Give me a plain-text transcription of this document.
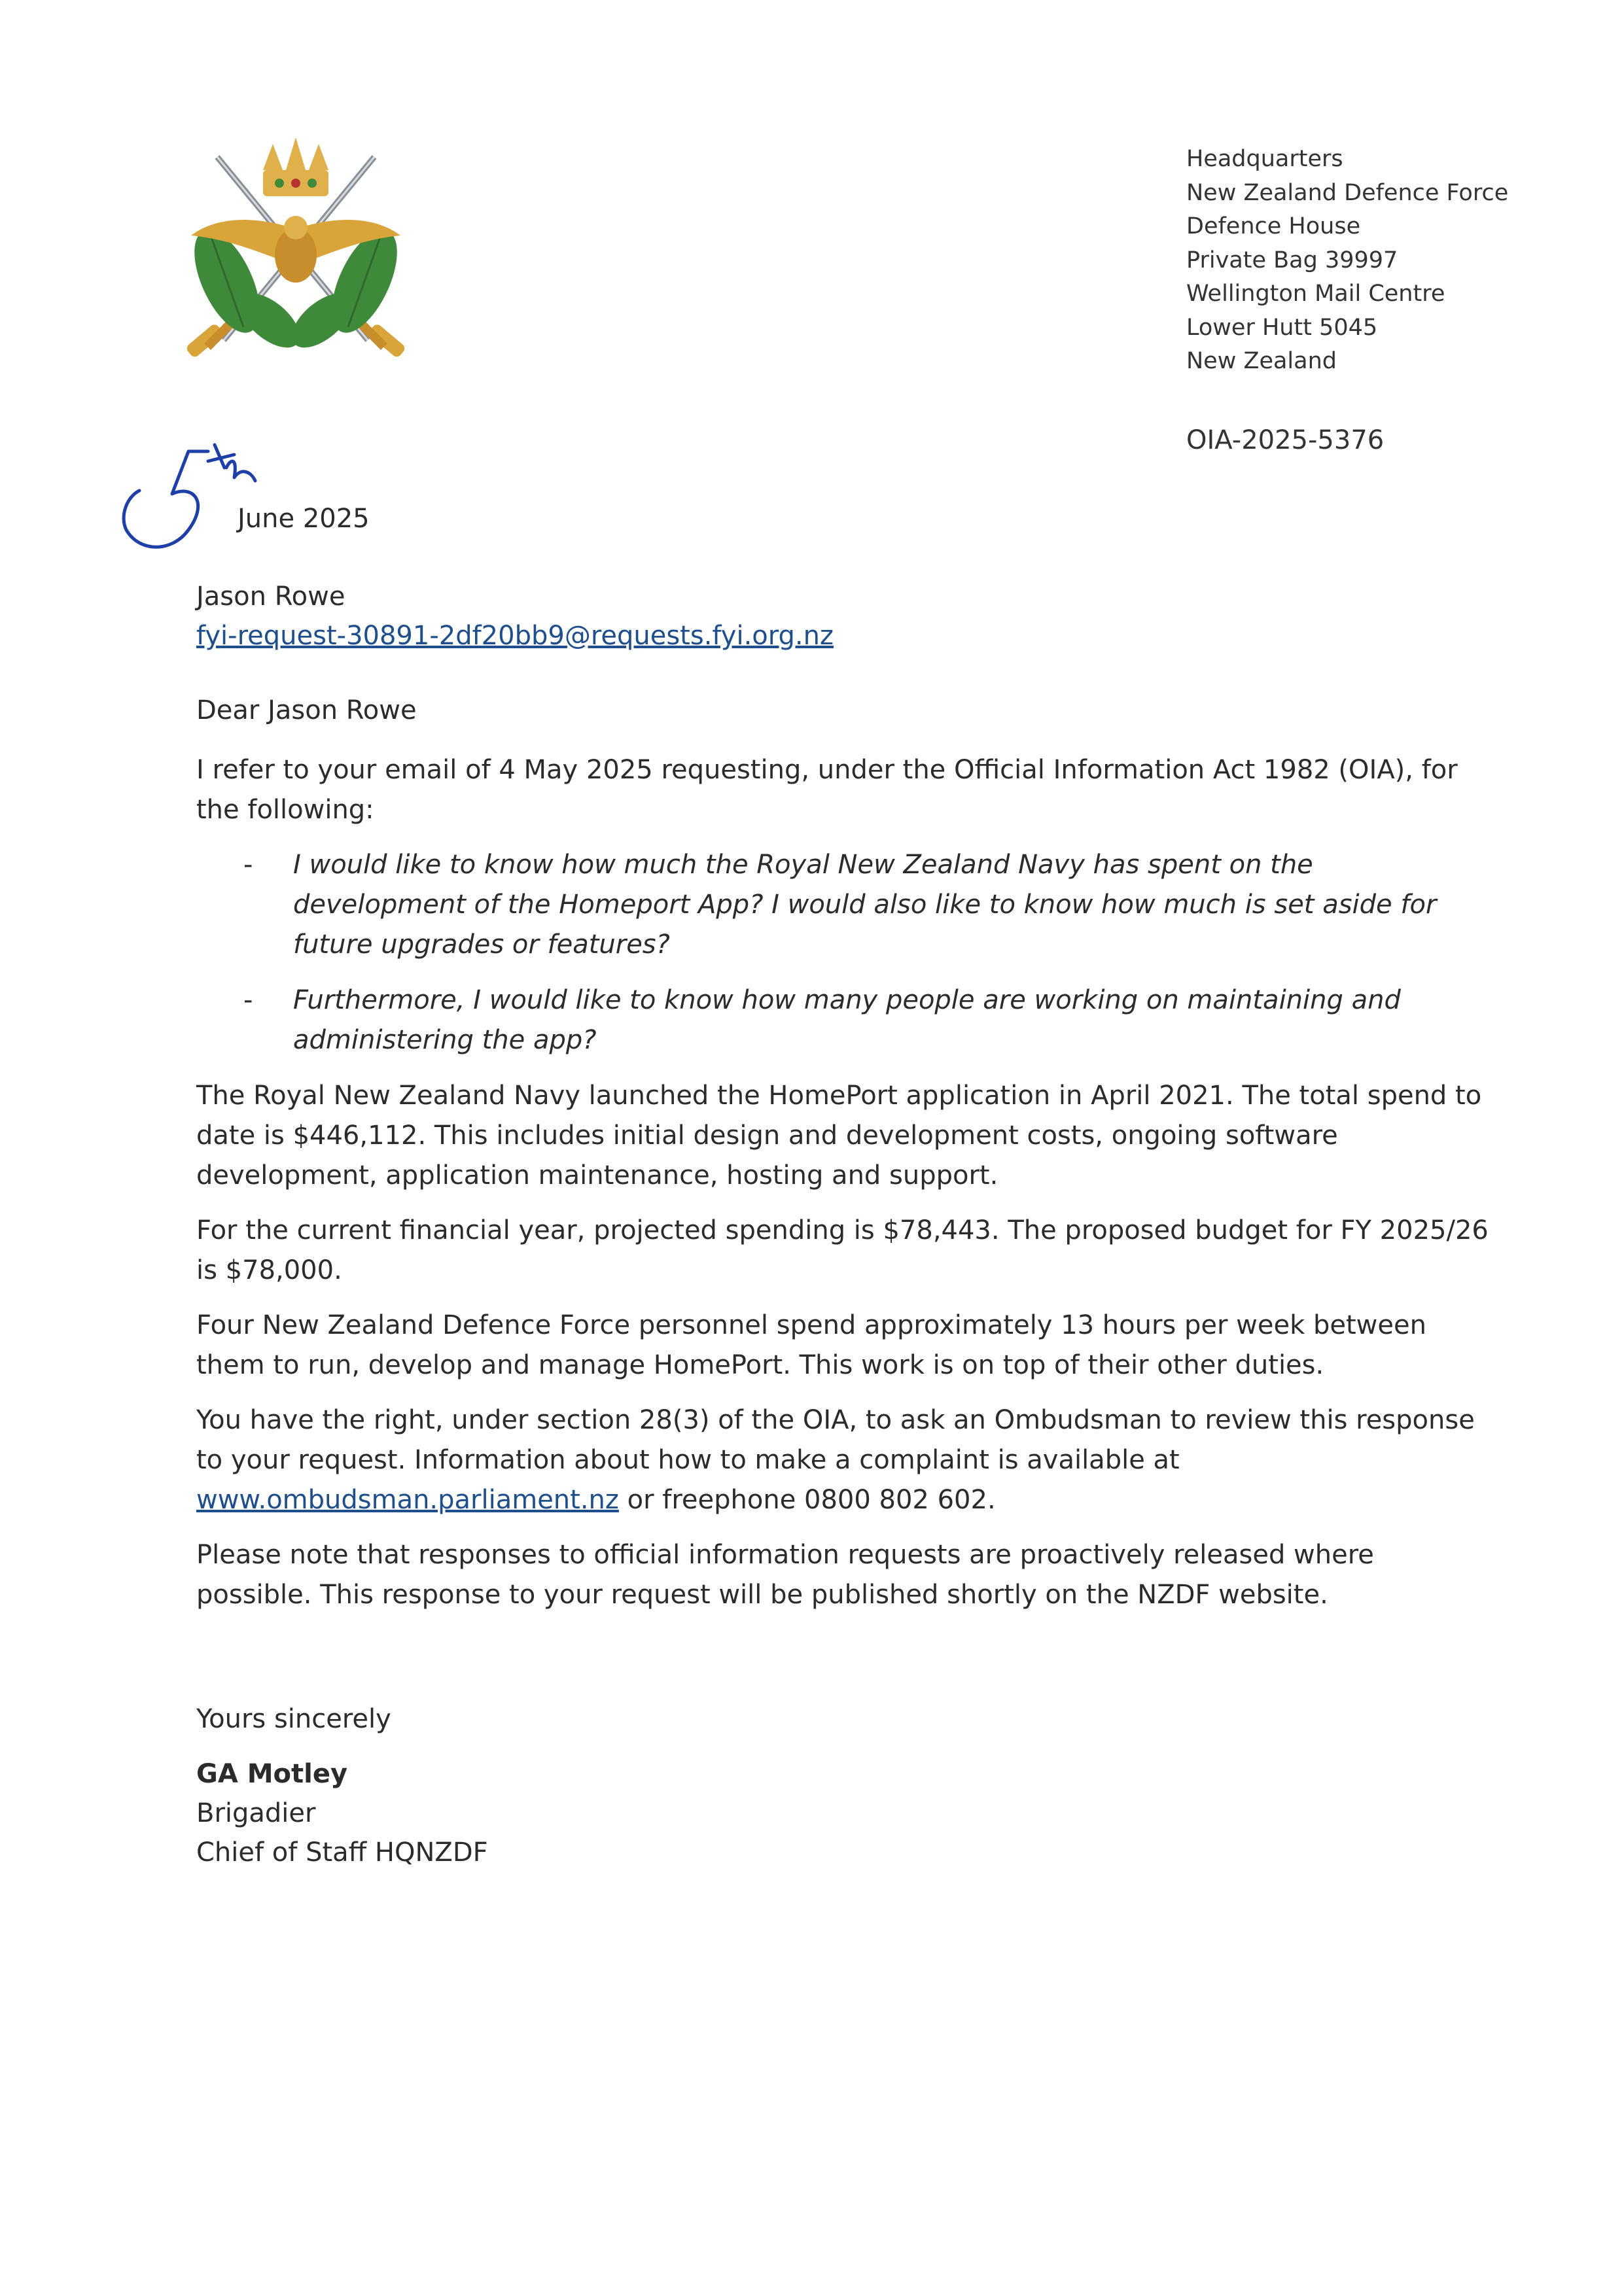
Headquarters
New Zealand Defence Force
Defence House
Private Bag 39997
Wellington Mail Centre
Lower Hutt 5045
New Zealand
OIA-2025-5376
June 2025
Jason Rowe
fyi-request-30891-2df20bb9@requests.fyi.org.nz
Dear Jason Rowe

I refer to your email of 4 May 2025 requesting, under the Official Information Act 1982 (OIA), for the following:

- I would like to know how much the Royal New Zealand Navy has spent on the development of the Homeport App? I would also like to know how much is set aside for future upgrades or features?
- Furthermore, I would like to know how many people are working on maintaining and administering the app?

The Royal New Zealand Navy launched the HomePort application in April 2021. The total spend to date is $446,112. This includes initial design and development costs, ongoing software development, application maintenance, hosting and support.

For the current financial year, projected spending is $78,443. The proposed budget for FY 2025/26 is $78,000.

Four New Zealand Defence Force personnel spend approximately 13 hours per week between them to run, develop and manage HomePort. This work is on top of their other duties.

You have the right, under section 28(3) of the OIA, to ask an Ombudsman to review this response to your request. Information about how to make a complaint is available at www.ombudsman.parliament.nz or freephone 0800 802 602.

Please note that responses to official information requests are proactively released where possible. This response to your request will be published shortly on the NZDF website.

Yours sincerely
GA Motley
Brigadier
Chief of Staff HQNZDF
